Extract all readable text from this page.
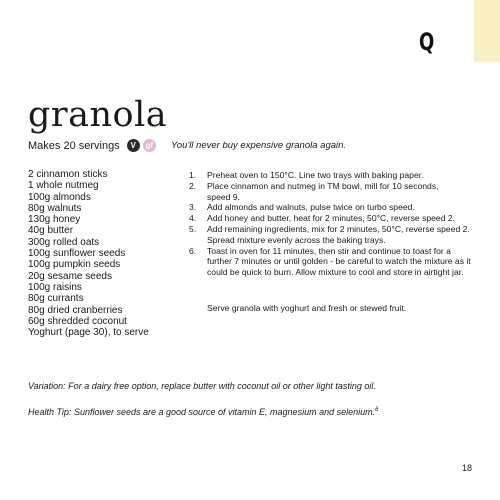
Q
granola
Makes 20 servings	V	gf You'll never buy expensive granola again.
2 cinnamon sticks
1 whole nutmeg
100g almonds
80g walnuts
130g honey
40g butter
300g rolled oats
100g sunflower seeds
100g pumpkin seeds
20g sesame seeds
100g raisins
80g currants
80g dried cranberries
60g shredded coconut
Yoghurt (page 30), to serve
1.	Preheat oven to 150°C. Line two trays with baking paper.
2.	Place cinnamon and nutmeg in TM bowl, mill for 10 seconds,
speed 9.
3.	Add almonds and walnuts, pulse twice on turbo speed.
4.	Add honey and butter, heat for 2 minutes, 50°C, reverse speed 2.
5.	Add remaining ingredients, mix for 2 minutes, 50°C, reverse speed 2.
Spread mixture evenly across the baking trays.
6.	Toast in oven for 11 minutes, then stir and continue to toast for a
further 7 minutes or until golden - be careful to watch the mixture as it
could be quick to burn. Allow mixture to cool and store in airtight jar.
Serve granola with yoghurt and fresh or stewed fruit.
Variation: For a dairy free option, replace butter with coconut oil or other light tasting oil.
Health Tip: Sunflower seeds are a good source of vitamin E, magnesium and selenium.$^6$
18
